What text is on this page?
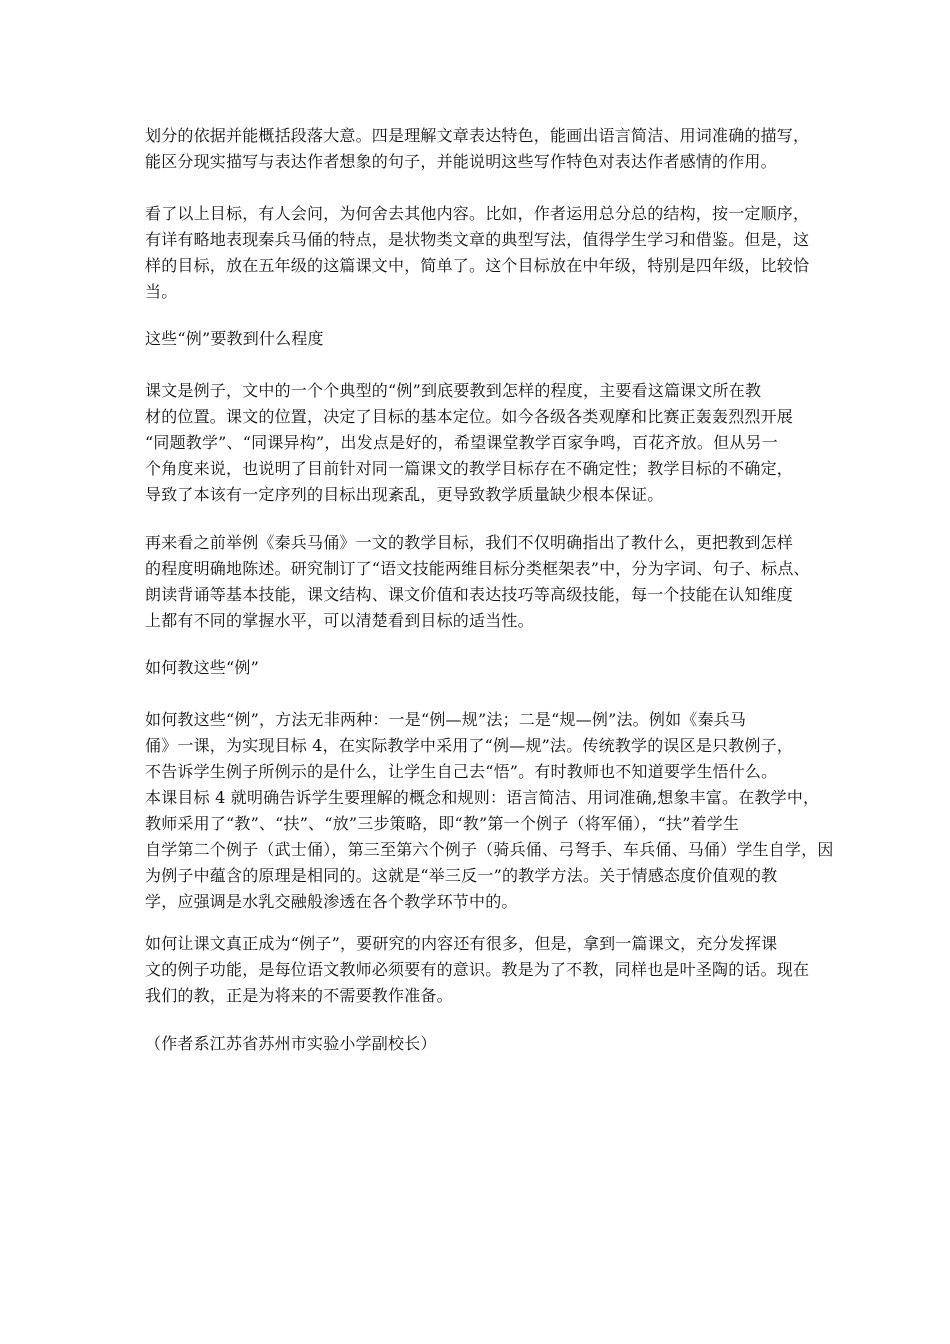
划分的依据并能概括段落大意。四是理解文章表达特色，能画出语言简洁、用词准确的描写，
能区分现实描写与表达作者想象的句子，并能说明这些写作特色对表达作者感情的作用。
看了以上目标，有人会问，为何舍去其他内容。比如，作者运用总分总的结构，按一定顺序，
有详有略地表现秦兵马俑的特点，是状物类文章的典型写法，值得学生学习和借鉴。但是，这
样的目标，放在五年级的这篇课文中，简单了。这个目标放在中年级，特别是四年级，比较恰
当。
这些“例”要教到什么程度
课文是例子，文中的一个个典型的“例”到底要教到怎样的程度，主要看这篇课文所在教
材的位置。课文的位置，决定了目标的基本定位。如今各级各类观摩和比赛正轰轰烈烈开展
“同题教学”、“同课异构”，出发点是好的，希望课堂教学百家争鸣，百花齐放。但从另一
个角度来说，也说明了目前针对同一篇课文的教学目标存在不确定性；教学目标的不确定，
导致了本该有一定序列的目标出现紊乱，更导致教学质量缺少根本保证。
再来看之前举例《秦兵马俑》一文的教学目标，我们不仅明确指出了教什么，更把教到怎样
的程度明确地陈述。研究制订了“语文技能两维目标分类框架表”中，分为字词、句子、标点、
朗读背诵等基本技能，课文结构、课文价值和表达技巧等高级技能，每一个技能在认知维度
上都有不同的掌握水平，可以清楚看到目标的适当性。
如何教这些“例”
如何教这些“例”，方法无非两种：一是“例—规”法；二是“规—例”法。例如《秦兵马
俑》一课，为实现目标 4，在实际教学中采用了“例—规”法。传统教学的误区是只教例子，
不告诉学生例子所例示的是什么，让学生自己去“悟”。有时教师也不知道要学生悟什么。
本课目标 4 就明确告诉学生要理解的概念和规则：语言简洁、用词准确,想象丰富。在教学中，
教师采用了“教”、“扶”、“放”三步策略，即“教”第一个例子（将军俑），“扶”着学生
自学第二个例子（武士俑），第三至第六个例子（骑兵俑、弓弩手、车兵俑、马俑）学生自学，因
为例子中蕴含的原理是相同的。这就是“举三反一”的教学方法。关于情感态度价值观的教
学，应强调是水乳交融般渗透在各个教学环节中的。
如何让课文真正成为“例子”，要研究的内容还有很多，但是，拿到一篇课文，充分发挥课
文的例子功能，是每位语文教师必须要有的意识。教是为了不教，同样也是叶圣陶的话。现在
我们的教，正是为将来的不需要教作准备。
（作者系江苏省苏州市实验小学副校长）
